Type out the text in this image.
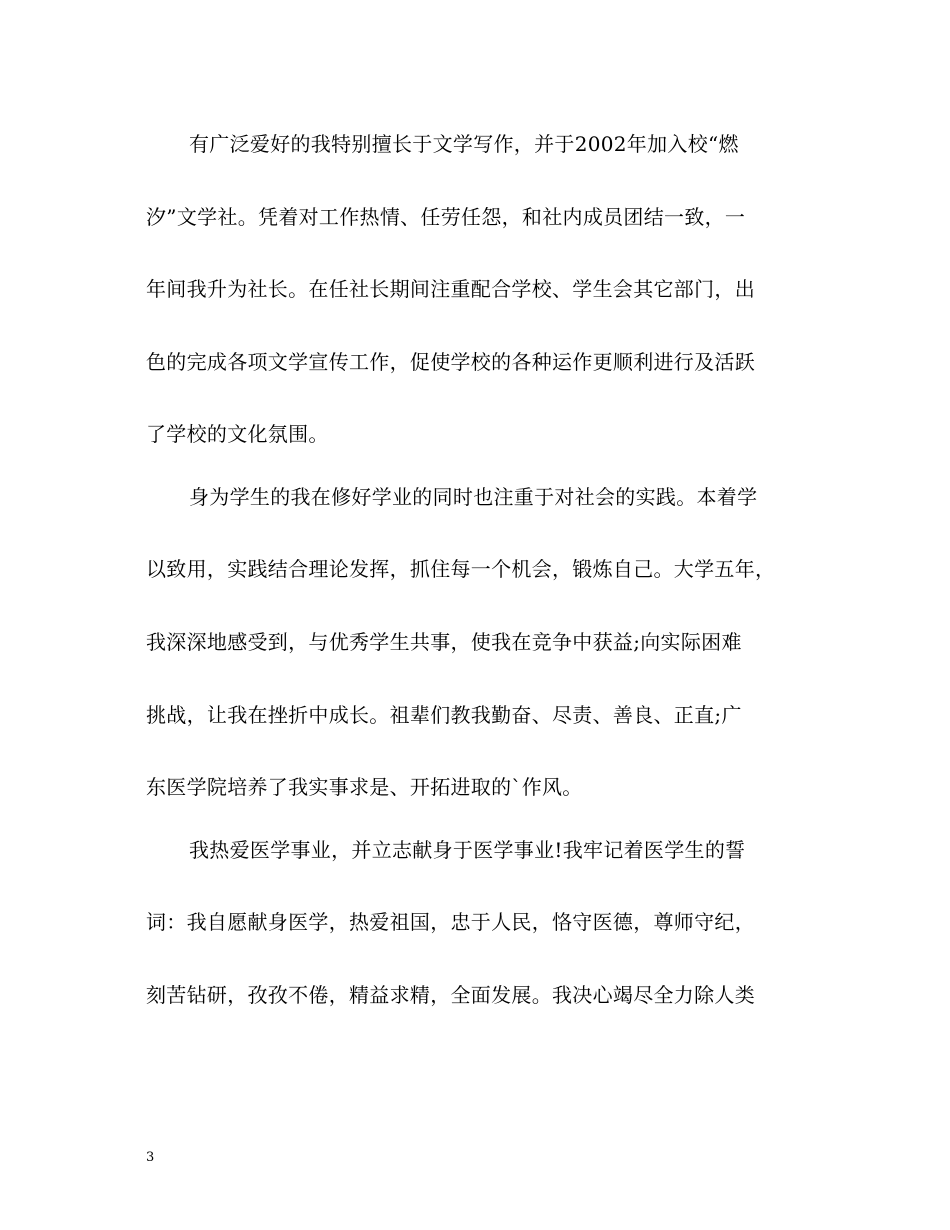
有广泛爱好的我特别擅长于文学写作，并于2002年加入校“燃
汐”文学社。凭着对工作热情、任劳任怨，和社内成员团结一致，一
年间我升为社长。在任社长期间注重配合学校、学生会其它部门，出
色的完成各项文学宣传工作，促使学校的各种运作更顺利进行及活跃
了学校的文化氛围。
身为学生的我在修好学业的同时也注重于对社会的实践。本着学
以致用，实践结合理论发挥，抓住每一个机会，锻炼自己。大学五年，
我深深地感受到，与优秀学生共事，使我在竞争中获益;向实际困难
挑战，让我在挫折中成长。祖辈们教我勤奋、尽责、善良、正直;广
东医学院培养了我实事求是、开拓进取的`作风。
我热爱医学事业，并立志献身于医学事业!我牢记着医学生的誓
词：我自愿献身医学，热爱祖国，忠于人民，恪守医德，尊师守纪，
刻苦钻研，孜孜不倦，精益求精，全面发展。我决心竭尽全力除人类
3
